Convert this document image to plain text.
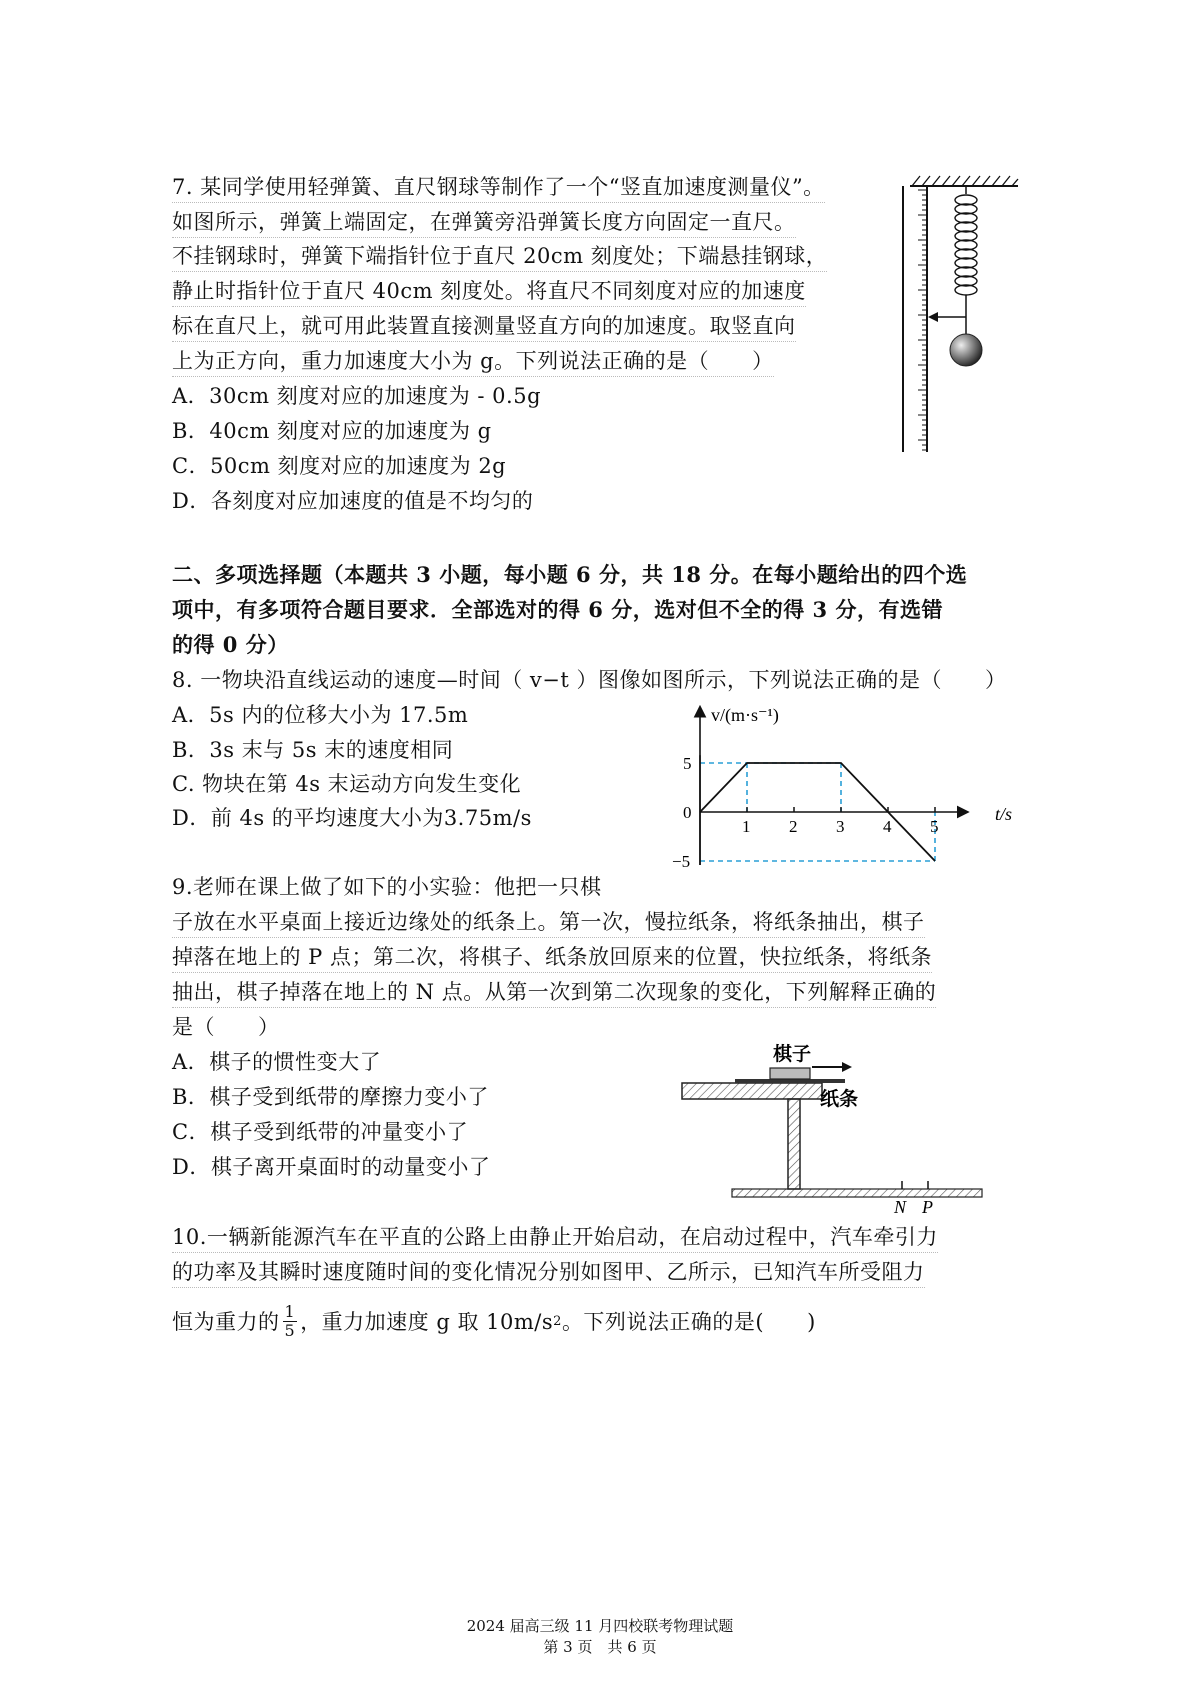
7. 某同学使用轻弹簧、直尺钢球等制作了一个“竖直加速度测量仪”。
如图所示，弹簧上端固定，在弹簧旁沿弹簧长度方向固定一直尺。
不挂钢球时，弹簧下端指针位于直尺 20cm 刻度处；下端悬挂钢球，
静止时指针位于直尺 40cm 刻度处。将直尺不同刻度对应的加速度
标在直尺上，就可用此装置直接测量竖直方向的加速度。取竖直向
上为正方向，重力加速度大小为 g。下列说法正确的是（　　）
A．30cm 刻度对应的加速度为 - 0.5g
B．40cm 刻度对应的加速度为 g
C．50cm 刻度对应的加速度为 2g
D．各刻度对应加速度的值是不均匀的
二、多项选择题（本题共 3 小题，每小题 6 分，共 18 分。在每小题给出的四个选
项中，有多项符合题目要求．全部选对的得 6 分，选对但不全的得 3 分，有选错
的得 0 分）
8. 一物块沿直线运动的速度—时间（ v−t ）图像如图所示，下列说法正确的是（　　）
A．5s 内的位移大小为 17.5m
B．3s 末与 5s 末的速度相同
C. 物块在第 4s 末运动方向发生变化
D．前 4s 的平均速度大小为3.75m/s	1 2 3 4 5
5
0
−5
v/(m·s⁻¹)
t/s
9.老师在课上做了如下的小实验：他把一只棋
子放在水平桌面上接近边缘处的纸条上。第一次，慢拉纸条，将纸条抽出，棋子
掉落在地上的 P 点；第二次，将棋子、纸条放回原来的位置，快拉纸条，将纸条
抽出，棋子掉落在地上的 N 点。从第一次到第二次现象的变化，下列解释正确的
是（　　）
A．棋子的惯性变大了
B．棋子受到纸带的摩擦力变小了
C．棋子受到纸带的冲量变小了
D．棋子离开桌面时的动量变小了
棋子
纸条
N P
10.一辆新能源汽车在平直的公路上由静止开始启动，在启动过程中，汽车牵引力
的功率及其瞬时速度随时间的变化情况分别如图甲、乙所示，已知汽车所受阻力
恒为重力的 $\frac{1}{5}$ ，重力加速度 g 取 10m/s 2 。下列说法正确的是(　　)
2024 届高三级 11 月四校联考物理试题
第 3 页　共 6 页
